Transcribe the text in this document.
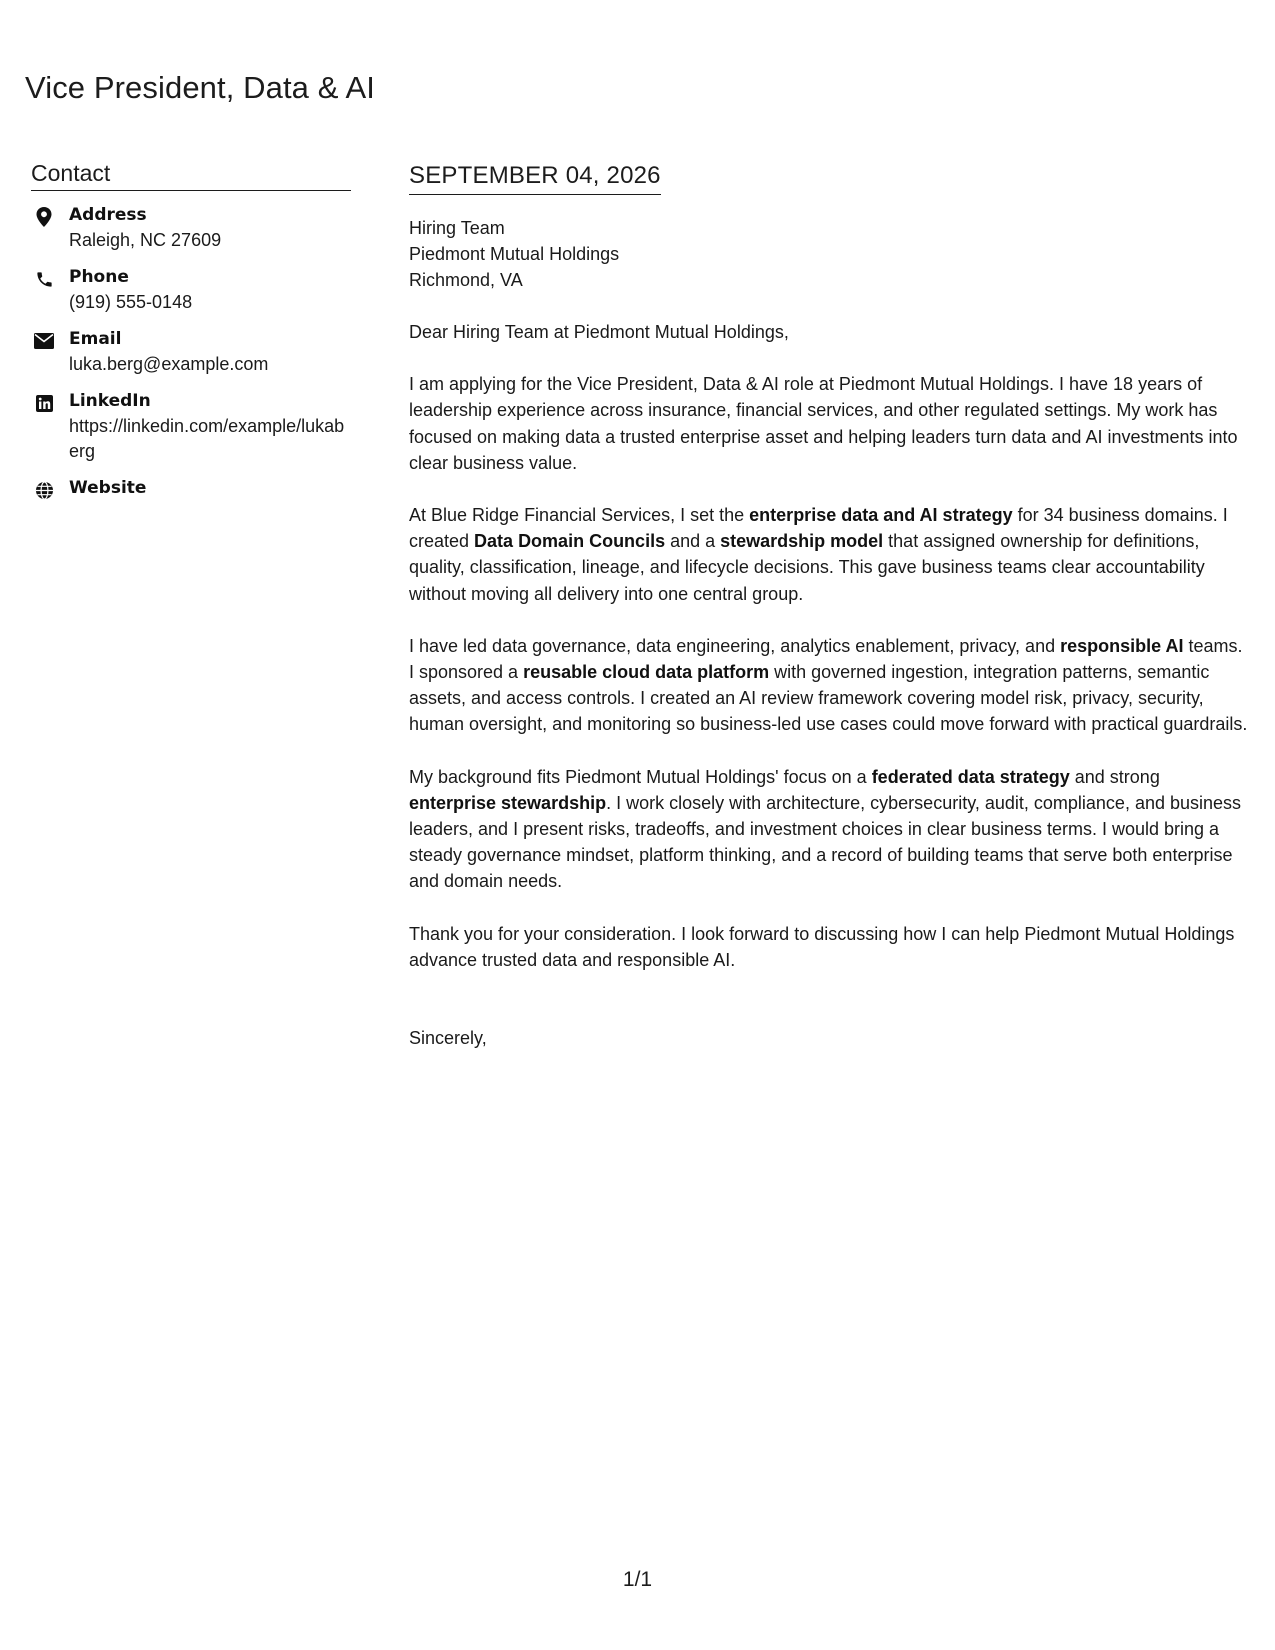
Vice President, Data & AI
Contact
Address
Raleigh, NC 27609
Phone
(919) 555-0148
Email
luka.berg@example.com
LinkedIn
https://linkedin.com/example/lukaberg
Website
SEPTEMBER 04, 2026
Hiring Team
Piedmont Mutual Holdings
Richmond, VA

Dear Hiring Team at Piedmont Mutual Holdings,

I am applying for the Vice President, Data & AI role at Piedmont Mutual Holdings. I have 18 years of leadership experience across insurance, financial services, and other regulated settings. My work has focused on making data a trusted enterprise asset and helping leaders turn data and AI investments into clear business value.

At Blue Ridge Financial Services, I set the enterprise data and AI strategy for 34 business domains. I created Data Domain Councils and a stewardship model that assigned ownership for definitions, quality, classification, lineage, and lifecycle decisions. This gave business teams clear accountability without moving all delivery into one central group.

I have led data governance, data engineering, analytics enablement, privacy, and responsible AI teams. I sponsored a reusable cloud data platform with governed ingestion, integration patterns, semantic assets, and access controls. I created an AI review framework covering model risk, privacy, security, human oversight, and monitoring so business-led use cases could move forward with practical guardrails.

My background fits Piedmont Mutual Holdings' focus on a federated data strategy and strong enterprise stewardship. I work closely with architecture, cybersecurity, audit, compliance, and business leaders, and I present risks, tradeoffs, and investment choices in clear business terms. I would bring a steady governance mindset, platform thinking, and a record of building teams that serve both enterprise and domain needs.

Thank you for your consideration. I look forward to discussing how I can help Piedmont Mutual Holdings advance trusted data and responsible AI.

Sincerely,

1/1
